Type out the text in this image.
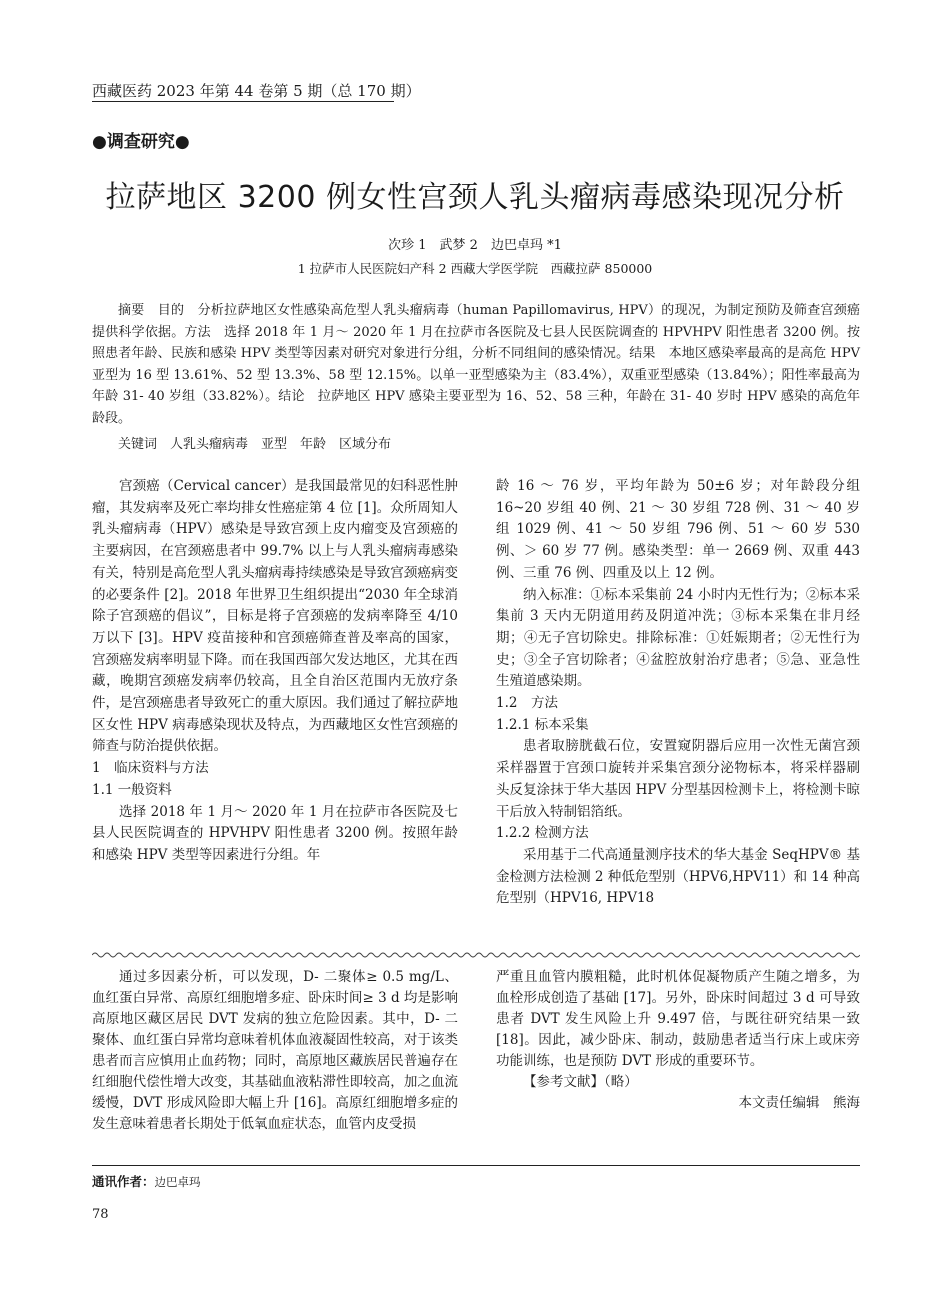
西藏医药 2023 年第 44 卷第 5 期（总 170 期）
●调查研究●
拉萨地区 3200 例女性宫颈人乳头瘤病毒感染现况分析
次珍 1　武梦 2　边巴卓玛 *1
1 拉萨市人民医院妇产科 2 西藏大学医学院　西藏拉萨 850000

摘要　目的　分析拉萨地区女性感染高危型人乳头瘤病毒（human Papillomavirus, HPV）的现况，为制定预防及筛查宫颈癌提供科学依据。方法　选择 2018 年 1 月～ 2020 年 1 月在拉萨市各医院及七县人民医院调查的 HPVHPV 阳性患者 3200 例。按照患者年龄、民族和感染 HPV 类型等因素对研究对象进行分组，分析不同组间的感染情况。结果　本地区感染率最高的是高危 HPV 亚型为 16 型 13.61%、52 型 13.3%、58 型 12.15%。以单一亚型感染为主（83.4%），双重亚型感染（13.84%）；阳性率最高为年龄 31- 40 岁组（33.82%）。结论　拉萨地区 HPV 感染主要亚型为 16、52、58 三种，年龄在 31- 40 岁时 HPV 感染的高危年龄段。

关键词　人乳头瘤病毒　亚型　年龄　区域分布

宫颈癌（Cervical cancer）是我国最常见的妇科恶性肿瘤，其发病率及死亡率均排女性癌症第 4 位 [1]。众所周知人乳头瘤病毒（HPV）感染是导致宫颈上皮内瘤变及宫颈癌的主要病因，在宫颈癌患者中 99.7% 以上与人乳头瘤病毒感染有关，特别是高危型人乳头瘤病毒持续感染是导致宫颈癌病变的必要条件 [2]。2018 年世界卫生组织提出“2030 年全球消除子宫颈癌的倡议”，目标是将子宫颈癌的发病率降至 4/10 万以下 [3]。HPV 疫苗接种和宫颈癌筛查普及率高的国家，宫颈癌发病率明显下降。而在我国西部欠发达地区，尤其在西藏，晚期宫颈癌发病率仍较高，且全自治区范围内无放疗条件，是宫颈癌患者导致死亡的重大原因。我们通过了解拉萨地区女性 HPV 病毒感染现状及特点，为西藏地区女性宫颈癌的筛查与防治提供依据。

1　临床资料与方法

1.1 一般资料

选择 2018 年 1 月～ 2020 年 1 月在拉萨市各医院及七县人民医院调查的 HPVHPV 阳性患者 3200 例。按照年龄和感染 HPV 类型等因素进行分组。年

龄 16 ～ 76 岁，平均年龄为 50±6 岁；对年龄段分组 16~20 岁组 40 例、21 ～ 30 岁组 728 例、31 ～ 40 岁组 1029 例、41 ～ 50 岁组 796 例、51 ～ 60 岁 530 例、＞ 60 岁 77 例。感染类型：单一 2669 例、双重 443 例、三重 76 例、四重及以上 12 例。

纳入标准：①标本采集前 24 小时内无性行为；②标本采集前 3 天内无阴道用药及阴道冲洗；③标本采集在非月经期；④无子宫切除史。排除标准：①妊娠期者；②无性行为史；③全子宫切除者；④盆腔放射治疗患者；⑤急、亚急性生殖道感染期。

1.2　方法

1.2.1 标本采集

患者取膀胱截石位，安置窥阴器后应用一次性无菌宫颈采样器置于宫颈口旋转并采集宫颈分泌物标本，将采样器刷头反复涂抹于华大基因 HPV 分型基因检测卡上，将检测卡晾干后放入特制铝箔纸。

1.2.2 检测方法

采用基于二代高通量测序技术的华大基金 SeqHPV® 基金检测方法检测 2 种低危型别（HPV6,HPV11）和 14 种高危型别（HPV16, HPV18

通过多因素分析，可以发现，D- 二聚体≥ 0.5 mg/L、血红蛋白异常、高原红细胞增多症、卧床时间≥ 3 d 均是影响高原地区藏区居民 DVT 发病的独立危险因素。其中，D- 二聚体、血红蛋白异常均意味着机体血液凝固性较高，对于该类患者而言应慎用止血药物；同时，高原地区藏族居民普遍存在红细胞代偿性增大改变，其基础血液粘滞性即较高，加之血流缓慢，DVT 形成风险即大幅上升 [16]。高原红细胞增多症的发生意味着患者长期处于低氧血症状态，血管内皮受损

严重且血管内膜粗糙，此时机体促凝物质产生随之增多，为血栓形成创造了基础 [17]。另外，卧床时间超过 3 d 可导致患者 DVT 发生风险上升 9.497 倍，与既往研究结果一致 [18]。因此，减少卧床、制动，鼓励患者适当行床上或床旁功能训练，也是预防 DVT 形成的重要环节。

【参考文献】（略）

本文责任编辑　熊海

通讯作者：边巴卓玛
78
